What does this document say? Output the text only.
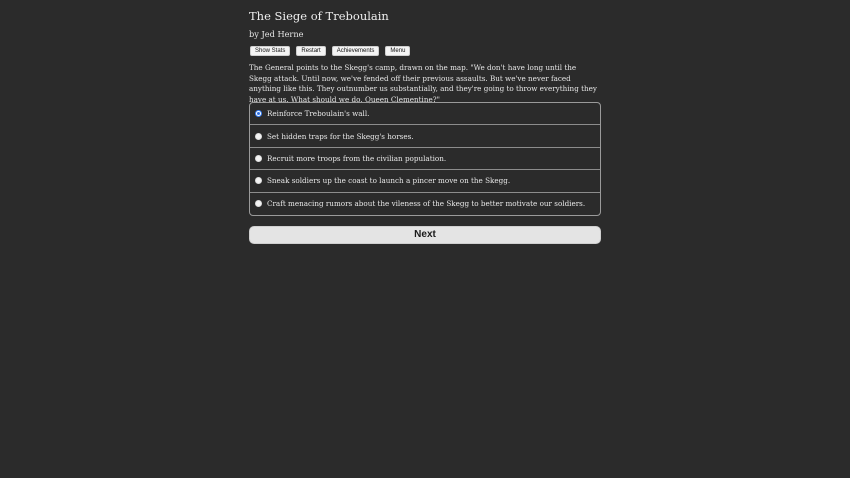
The Siege of Treboulain
by Jed Herne
Show Stats	Restart	Achievements	Menu
The General points to the Skegg's camp, drawn on the map. "We don't have long until the Skegg attack. Until now, we've fended off their previous assaults. But we've never faced anything like this. They outnumber us substantially, and they're going to throw everything they have at us. What should we do, Queen Clementine?"
Reinforce Treboulain's wall.
Set hidden traps for the Skegg's horses.
Recruit more troops from the civilian population.
Sneak soldiers up the coast to launch a pincer move on the Skegg.
Craft menacing rumors about the vileness of the Skegg to better motivate our soldiers.
Next
